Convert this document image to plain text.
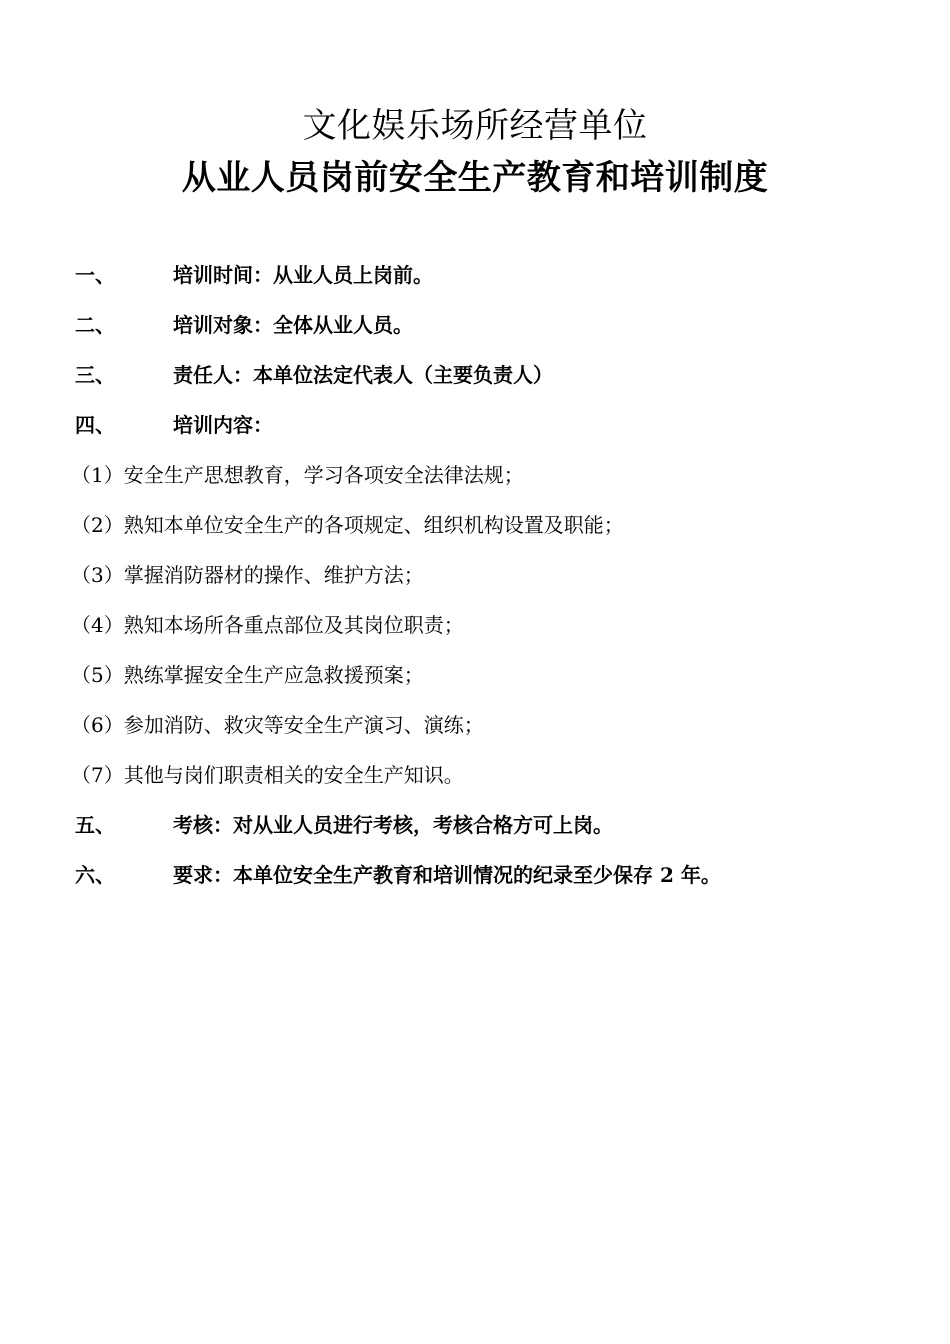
文化娱乐场所经营单位
从业人员岗前安全生产教育和培训制度
一、	培训时间：从业人员上岗前。
二、	培训对象：全体从业人员。
三、	责任人：本单位法定代表人（主要负责人）
四、	培训内容：
（1）安全生产思想教育，学习各项安全法律法规；
（2）熟知本单位安全生产的各项规定、组织机构设置及职能；
（3）掌握消防器材的操作、维护方法；
（4）熟知本场所各重点部位及其岗位职责；
（5）熟练掌握安全生产应急救援预案；
（6）参加消防、救灾等安全生产演习、演练；
（7）其他与岗们职责相关的安全生产知识。
五、	考核：对从业人员进行考核，考核合格方可上岗。
六、	要求：本单位安全生产教育和培训情况的纪录至少保存 2 年。
